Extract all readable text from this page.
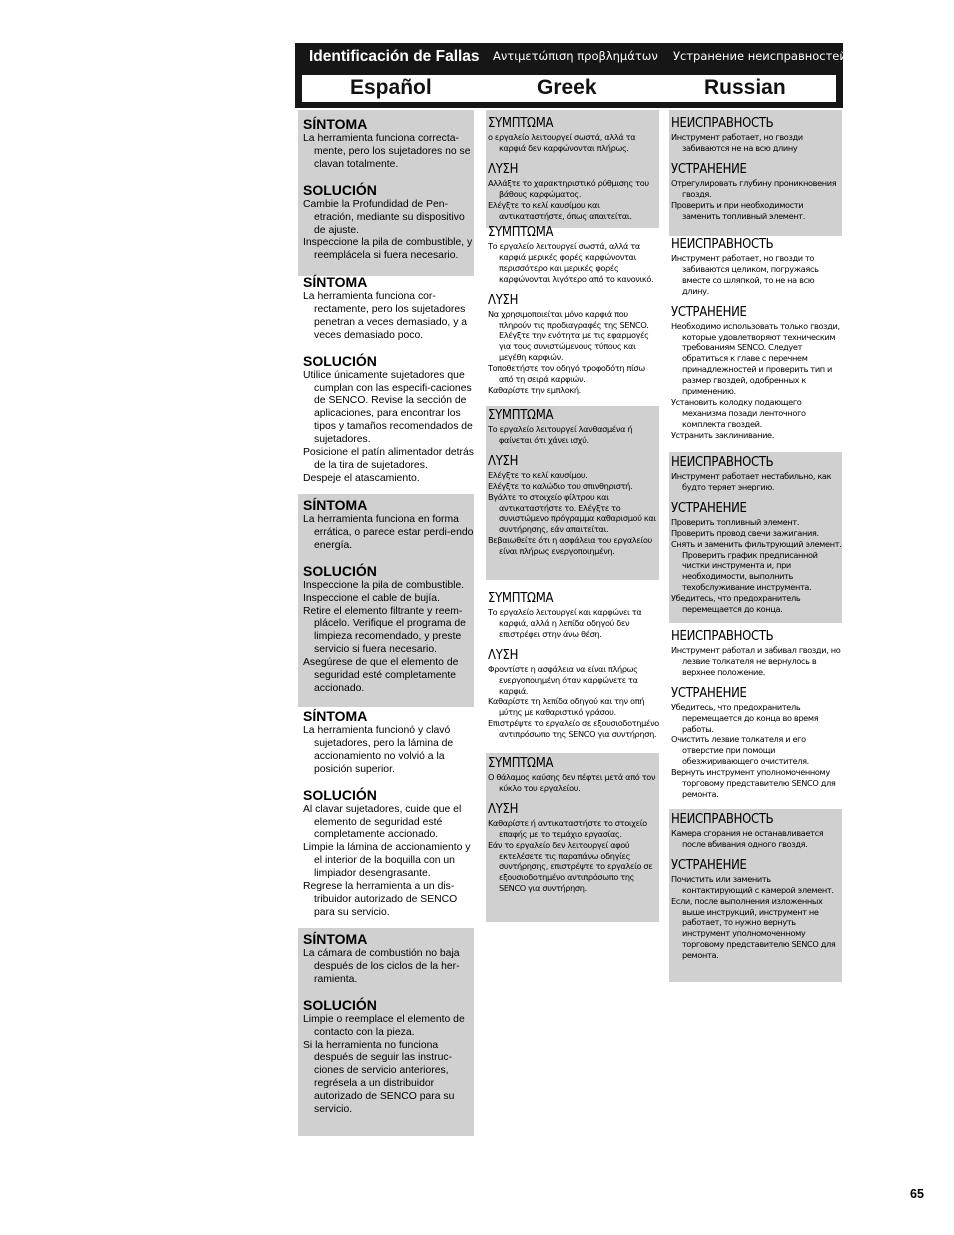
Identificación de Fallas Αντιμετώπιση προβλημάτων Устранение неисправностей
Español	Greek	Russian
SÍNTOMA
La herramienta funciona correcta-mente, pero los sujetadores no se clavan totalmente.
SOLUCIÓN
Cambie la Profundidad de Pen-etración, mediante su dispositivo de ajuste.
Inspeccione la pila de combustible, y reemplácela si fuera necesario.
SÍNTOMA
La herramienta funciona cor-rectamente, pero los sujetadores penetran a veces demasiado, y a veces demasiado poco.
SOLUCIÓN
Utilice únicamente sujetadores que cumplan con las especifi-caciones de SENCO. Revise la sección de aplicaciones, para encontrar los tipos y tamaños recomendados de sujetadores.
Posicione el patín alimentador detrás de la tira de sujetadores.
Despeje el atascamiento.
SÍNTOMA
La herramienta funciona en forma errática, o parece estar perdi-endo energía.
SOLUCIÓN
Inspeccione la pila de combustible.
Inspeccione el cable de bujía.
Retire el elemento filtrante y reem-plácelo. Verifique el programa de limpieza recomendado, y preste servicio si fuera necesario.
Asegúrese de que el elemento de seguridad esté completamente accionado.
SÍNTOMA
La herramienta funcionó y clavó sujetadores, pero la lámina de accionamiento no volvió a la posición superior.
SOLUCIÓN
Al clavar sujetadores, cuide que el elemento de seguridad esté completamente accionado.
Limpie la lámina de accionamiento y el interior de la boquilla con un limpiador desengrasante.
Regrese la herramienta a un dis-tribuidor autorizado de SENCO para su servicio.
SÍNTOMA
La cámara de combustión no baja después de los ciclos de la her-ramienta.
SOLUCIÓN
Limpie o reemplace el elemento de contacto con la pieza.
Si la herramienta no funciona después de seguir las instruc-ciones de servicio anteriores, regrésela a un distribuidor autorizado de SENCO para su servicio.
ΣΥΜΠΤΩΜΑ
o εργαλείο λειτουργεί σωστά, αλλά τα καρφιά δεν καρφώνονται πλήρως.
ΛΥΣΗ
Αλλάξτε το χαρακτηριστικό ρύθμισης του βάθους καρφώματος.
Ελέγξτε το κελί καυσίμου και αντικαταστήστε, όπως απαιτείται.
ΣΥΜΠΤΩΜΑ
Το εργαλείο λειτουργεί σωστά, αλλά τα καρφιά μερικές φορές καρφώνονται περισσότερο και μερικές φορές καρφώνονται λιγότερο από το κανονικό.
ΛΥΣΗ
Να χρησιμοποιείται μόνο καρφιά που πληρούν τις προδιαγραφές της SENCO. Ελέγξτε την ενότητα με τις εφαρμογές για τους συνιστώμενους τύπους και μεγέθη καρφιών.
Τοποθετήστε τον οδηγό τροφοδότη πίσω από τη σειρά καρφιών.
Καθαρίστε την εμπλοκή.
ΣΥΜΠΤΩΜΑ
Το εργαλείο λειτουργεί λανθασμένα ή φαίνεται ότι χάνει ισχύ.
ΛΥΣΗ
Ελέγξτε το κελί καυσίμου.
Ελέγξτε το καλώδιο του σπινθηριστή.
Βγάλτε το στοιχείο φίλτρου και αντικαταστήστε το. Ελέγξτε το συνιστώμενο πρόγραμμα καθαρισμού και συντήρησης, εάν απαιτείται.
Βεβαιωθείτε ότι η ασφάλεια του εργαλείου είναι πλήρως ενεργοποιημένη.
ΣΥΜΠΤΩΜΑ
Το εργαλείο λειτουργεί και καρφώνει τα καρφιά, αλλά η λεπίδα οδηγού δεν επιστρέφει στην άνω θέση.
ΛΥΣΗ
Φροντίστε η ασφάλεια να είναι πλήρως ενεργοποιημένη όταν καρφώνετε τα καρφιά.
Καθαρίστε τη λεπίδα οδηγού και την οπή μύτης με καθαριστικό γράσου.
Επιστρέψτε το εργαλείο σε εξουσιοδοτημένο αντιπρόσωπο της SENCO για συντήρηση.
ΣΥΜΠΤΩΜΑ
Ο θάλαμος καύσης δεν πέφτει μετά από τον κύκλο του εργαλείου.
ΛΥΣΗ
Καθαρίστε ή αντικαταστήστε το στοιχείο επαφής με το τεμάχιο εργασίας.
Εάν το εργαλείο δεν λειτουργεί αφού εκτελέσετε τις παραπάνω οδηγίες συντήρησης, επιστρέψτε το εργαλείο σε εξουσιοδοτημένο αντιπρόσωπο της SENCO για συντήρηση.
НЕИСПРАВНОСТЬ
Инструмент работает, но гвозди забиваются не на всю длину
УСТРАНЕНИЕ
Отрегулировать глубину проникновения гвоздя.
Проверить и при необходимости заменить топливный элемент.
НЕИСПРАВНОСТЬ
Инструмент работает, но гвозди то забиваются целиком, погружаясь вместе со шляпкой, то не на всю длину.
УСТРАНЕНИЕ
Необходимо использовать только гвозди, которые удовлетворяют техническим требованиям SENCO. Следует обратиться к главе с перечнем принадлежностей и проверить тип и размер гвоздей, одобренных к применению.
Установить колодку подающего механизма позади ленточного комплекта гвоздей.
Устранить заклинивание.
НЕИСПРАВНОСТЬ
Инструмент работает нестабильно, как будто теряет энергию.
УСТРАНЕНИЕ
Проверить топливный элемент.
Проверить провод свечи зажигания.
Снять и заменить фильтрующий элемент. Проверить график предписанной чистки инструмента и, при необходимости, выполнить техобслуживание инструмента.
Убедитесь, что предохранитель перемещается до конца.
НЕИСПРАВНОСТЬ
Инструмент работал и забивал гвозди, но лезвие толкателя не вернулось в верхнее положение.
УСТРАНЕНИЕ
Убедитесь, что предохранитель перемещается до конца во время работы.
Очистить лезвие толкателя и его отверстие при помощи обезжиривающего очистителя.
Вернуть инструмент уполномоченному торговому представителю SENCO для ремонта.
НЕИСПРАВНОСТЬ
Камера сгорания не останавливается после вбивания одного гвоздя.
УСТРАНЕНИЕ
Почистить или заменить контактирующий с камерой элемент.
Если, после выполнения изложенных выше инструкций, инструмент не работает, то нужно вернуть инструмент уполномоченному торговому представителю SENCO для ремонта.
65
